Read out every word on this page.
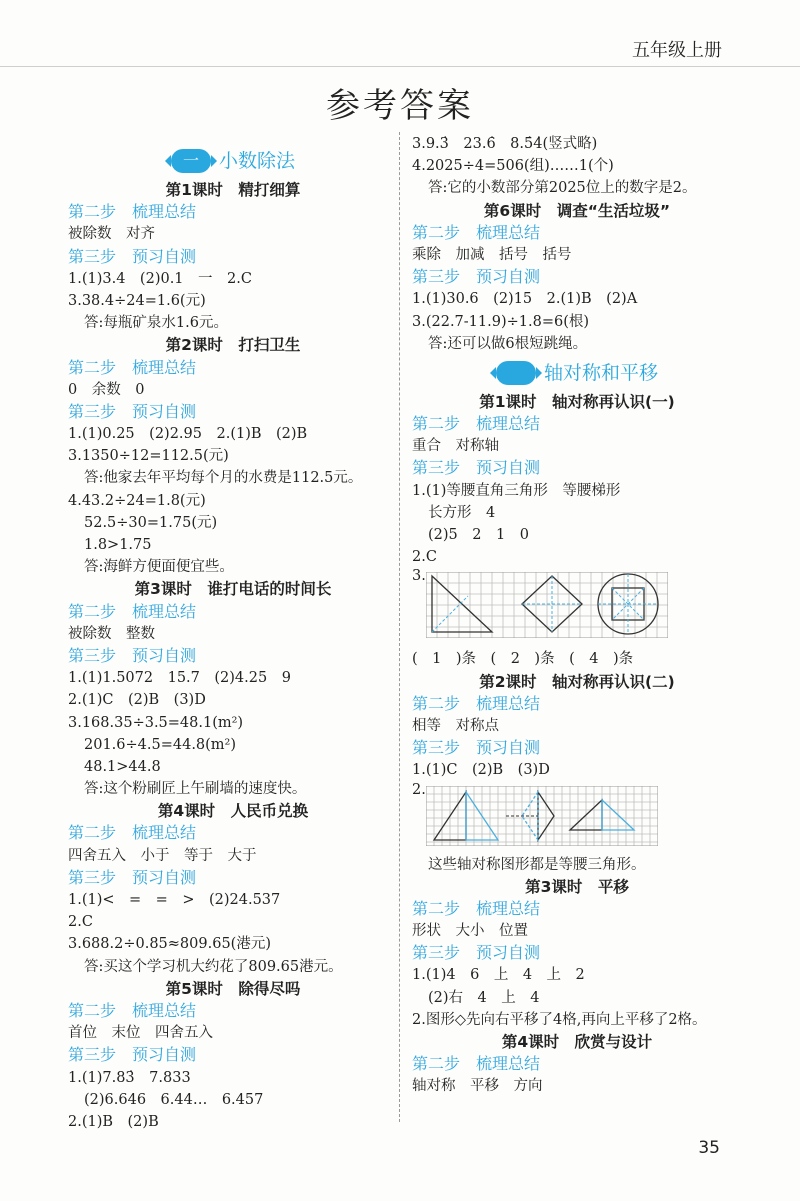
五年级上册
参考答案
一	小数除法
第1课时　精打细算
第二步　梳理总结
被除数　对齐
第三步　预习自测
1.(1)3.4　(2)0.1　一　2.C
3.38.4÷24=1.6(元)
答:每瓶矿泉水1.6元。
第2课时　打扫卫生
第二步　梳理总结
0　余数　0
第三步　预习自测
1.(1)0.25　(2)2.95　2.(1)B　(2)B
3.1350÷12=112.5(元)
答:他家去年平均每个月的水费是112.5元。
4.43.2÷24=1.8(元)
52.5÷30=1.75(元)
1.8>1.75
答:海鲜方便面便宜些。
第3课时　谁打电话的时间长
第二步　梳理总结
被除数　整数
第三步　预习自测
1.(1)1.5072　15.7　(2)4.25　9
2.(1)C　(2)B　(3)D
3.168.35÷3.5=48.1(m²)
201.6÷4.5=44.8(m²)
48.1>44.8
答:这个粉刷匠上午刷墙的速度快。
第4课时　人民币兑换
第二步　梳理总结
四舍五入　小于　等于　大于
第三步　预习自测
1.(1)<　=　=　>　(2)24.537
2.C
3.688.2÷0.85≈809.65(港元)
答:买这个学习机大约花了809.65港元。
第5课时　除得尽吗
第二步　梳理总结
首位　末位　四舍五入
第三步　预习自测
1.(1)7.83̇　7.833
(2)6.646　6.44…　6.457
2.(1)B　(2)B
3.9.3̇　23.6̇　8.5̇4̇(竖式略)
4.2025÷4=506(组)……1(个)
答:它的小数部分第2025位上的数字是2。
第6课时　调查“生活垃圾”
第二步　梳理总结
乘除　加减　括号　括号
第三步　预习自测
1.(1)30.6　(2)15　2.(1)B　(2)A
3.(22.7-11.9)÷1.8=6(根)
答:还可以做6根短跳绳。
轴对称和平移
第1课时　轴对称再认识(一)
第二步　梳理总结
重合　对称轴
第三步　预习自测
1.(1)等腰直角三角形　等腰梯形
长方形　4
(2)5　2　1　0
2.C
3.
(　1　)条　(　2　)条　(　4　)条
第2课时　轴对称再认识(二)
第二步　梳理总结
相等　对称点
第三步　预习自测
1.(1)C　(2)B　(3)D
2.
这些轴对称图形都是等腰三角形。
第3课时　平移
第二步　梳理总结
形状　大小　位置
第三步　预习自测
1.(1)4　6　上　4　上　2
(2)右　4　上　4
2.图形◇先向右平移了4格,再向上平移了2格。
第4课时　欣赏与设计
第二步　梳理总结
轴对称　平移　方向
35
